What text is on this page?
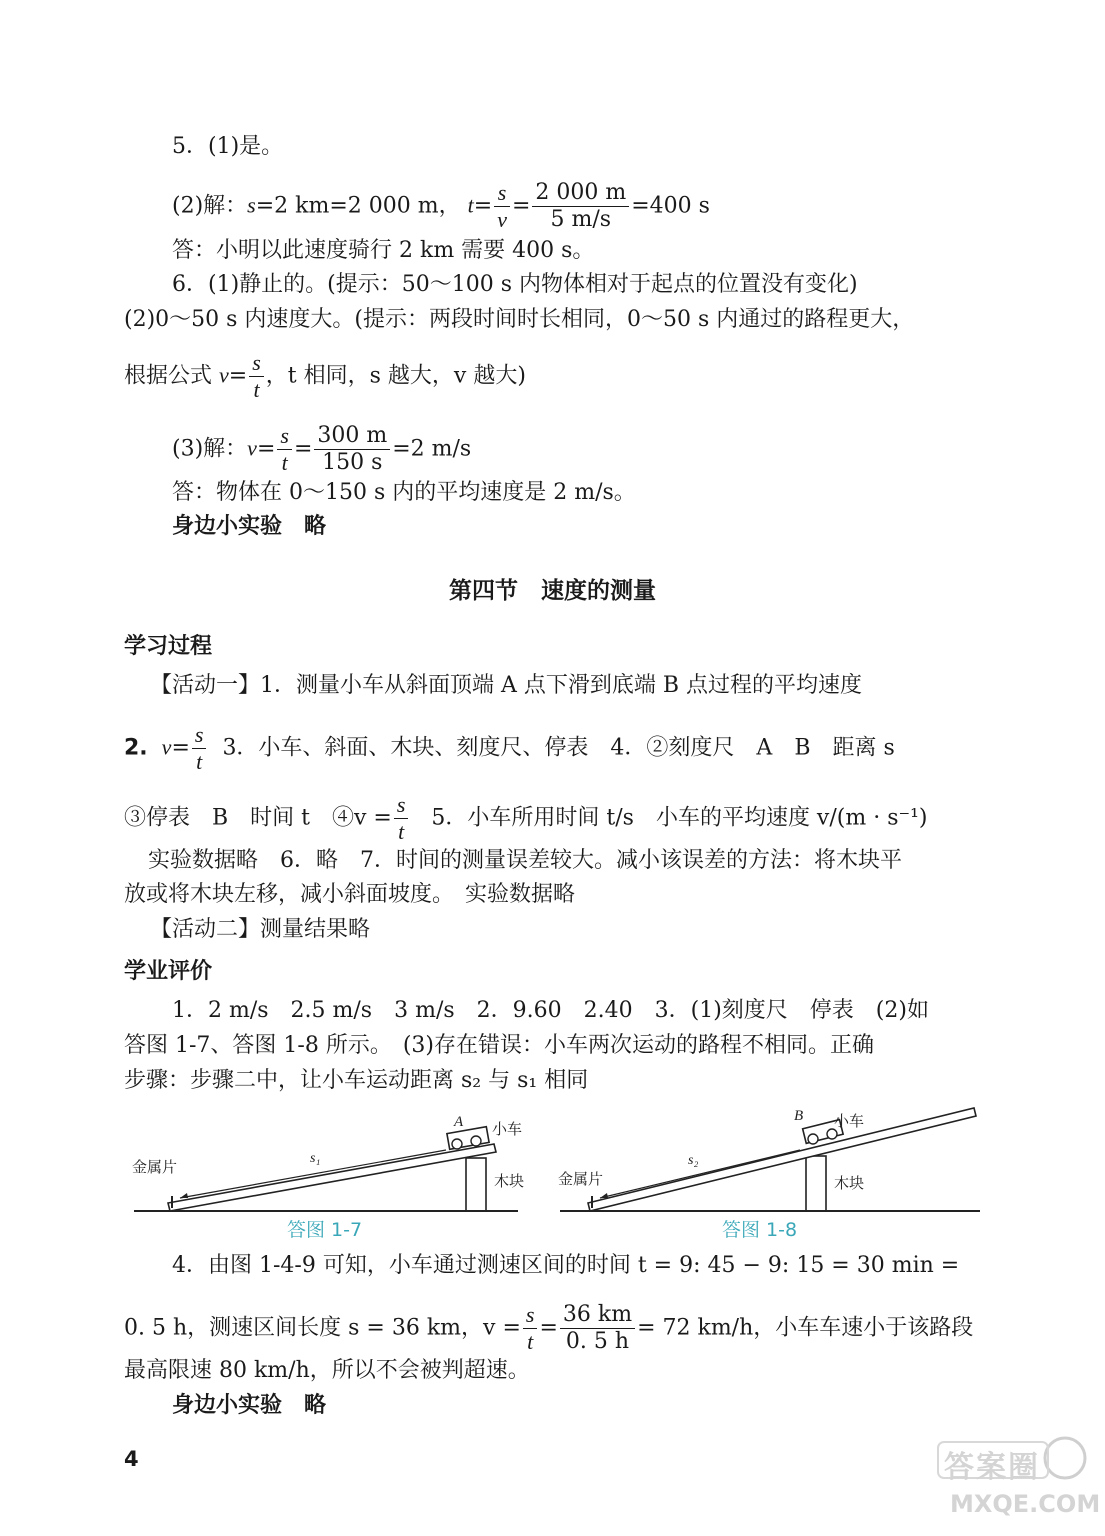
5．(1)是。
(2)解：s=2 km=2 000 m， $t= \frac{s}{v} = \frac{2 000 m}{5 m/s} =400$ s
答：小明以此速度骑行 2 km 需要 400 s。
6．(1)静止的。(提示：50～100 s 内物体相对于起点的位置没有变化)
(2)0～50 s 内速度大。(提示：两段时间时长相同，0～50 s 内通过的路程更大，
根据公式 $v= \frac{s}{t}$ ，t 相同，s 越大，v 越大)
(3)解：$v= \frac{s}{t} = \frac{300 m}{150 s} =2$ m/s
答：物体在 0～150 s 内的平均速度是 2 m/s。
身边小实验　略
第四节　速度的测量
学习过程
【活动一】1．测量小车从斜面顶端 A 点下滑到底端 B 点过程的平均速度
2. $v= \frac{s}{t} 3$．小车、斜面、木块、刻度尺、停表　4．②刻度尺　A　B　距离 s
③停表　B　时间 t　④v = $\frac{s}{t} 5$．小车所用时间 t/s　小车的平均速度 v/(m · s⁻¹)
实验数据略　6．略　7．时间的测量误差较大。减小该误差的方法：将木块平
放或将木块左移，减小斜面坡度。　实验数据略
【活动二】测量结果略
学业评价
1．2 m/s　2.5 m/s　3 m/s　2．9.60　2.40　3．(1)刻度尺　停表　(2)如
答图 1-7、答图 1-8 所示。　(3)存在错误：小车两次运动的路程不相同。正确
步骤：步骤二中，让小车运动距离 s₂ 与 s₁ 相同
A 小车
木块
金属片	s₁
答图 1-7
B 小车
木块
金属片
s₂
答图 1-8
4．由图 1-4-9 可知，小车通过测速区间的时间 t = 9: 45 − 9: 15 = 30 min =
0. 5 h，测速区间长度 s = 36 km，$v = \frac{s}{t} = \frac{36 km}{0. 5 h} = 72$ km/h，小车车速小于该路段
最高限速 80 km/h，所以不会被判超速。
身边小实验　略
4	答案圈
MXQE.COM
